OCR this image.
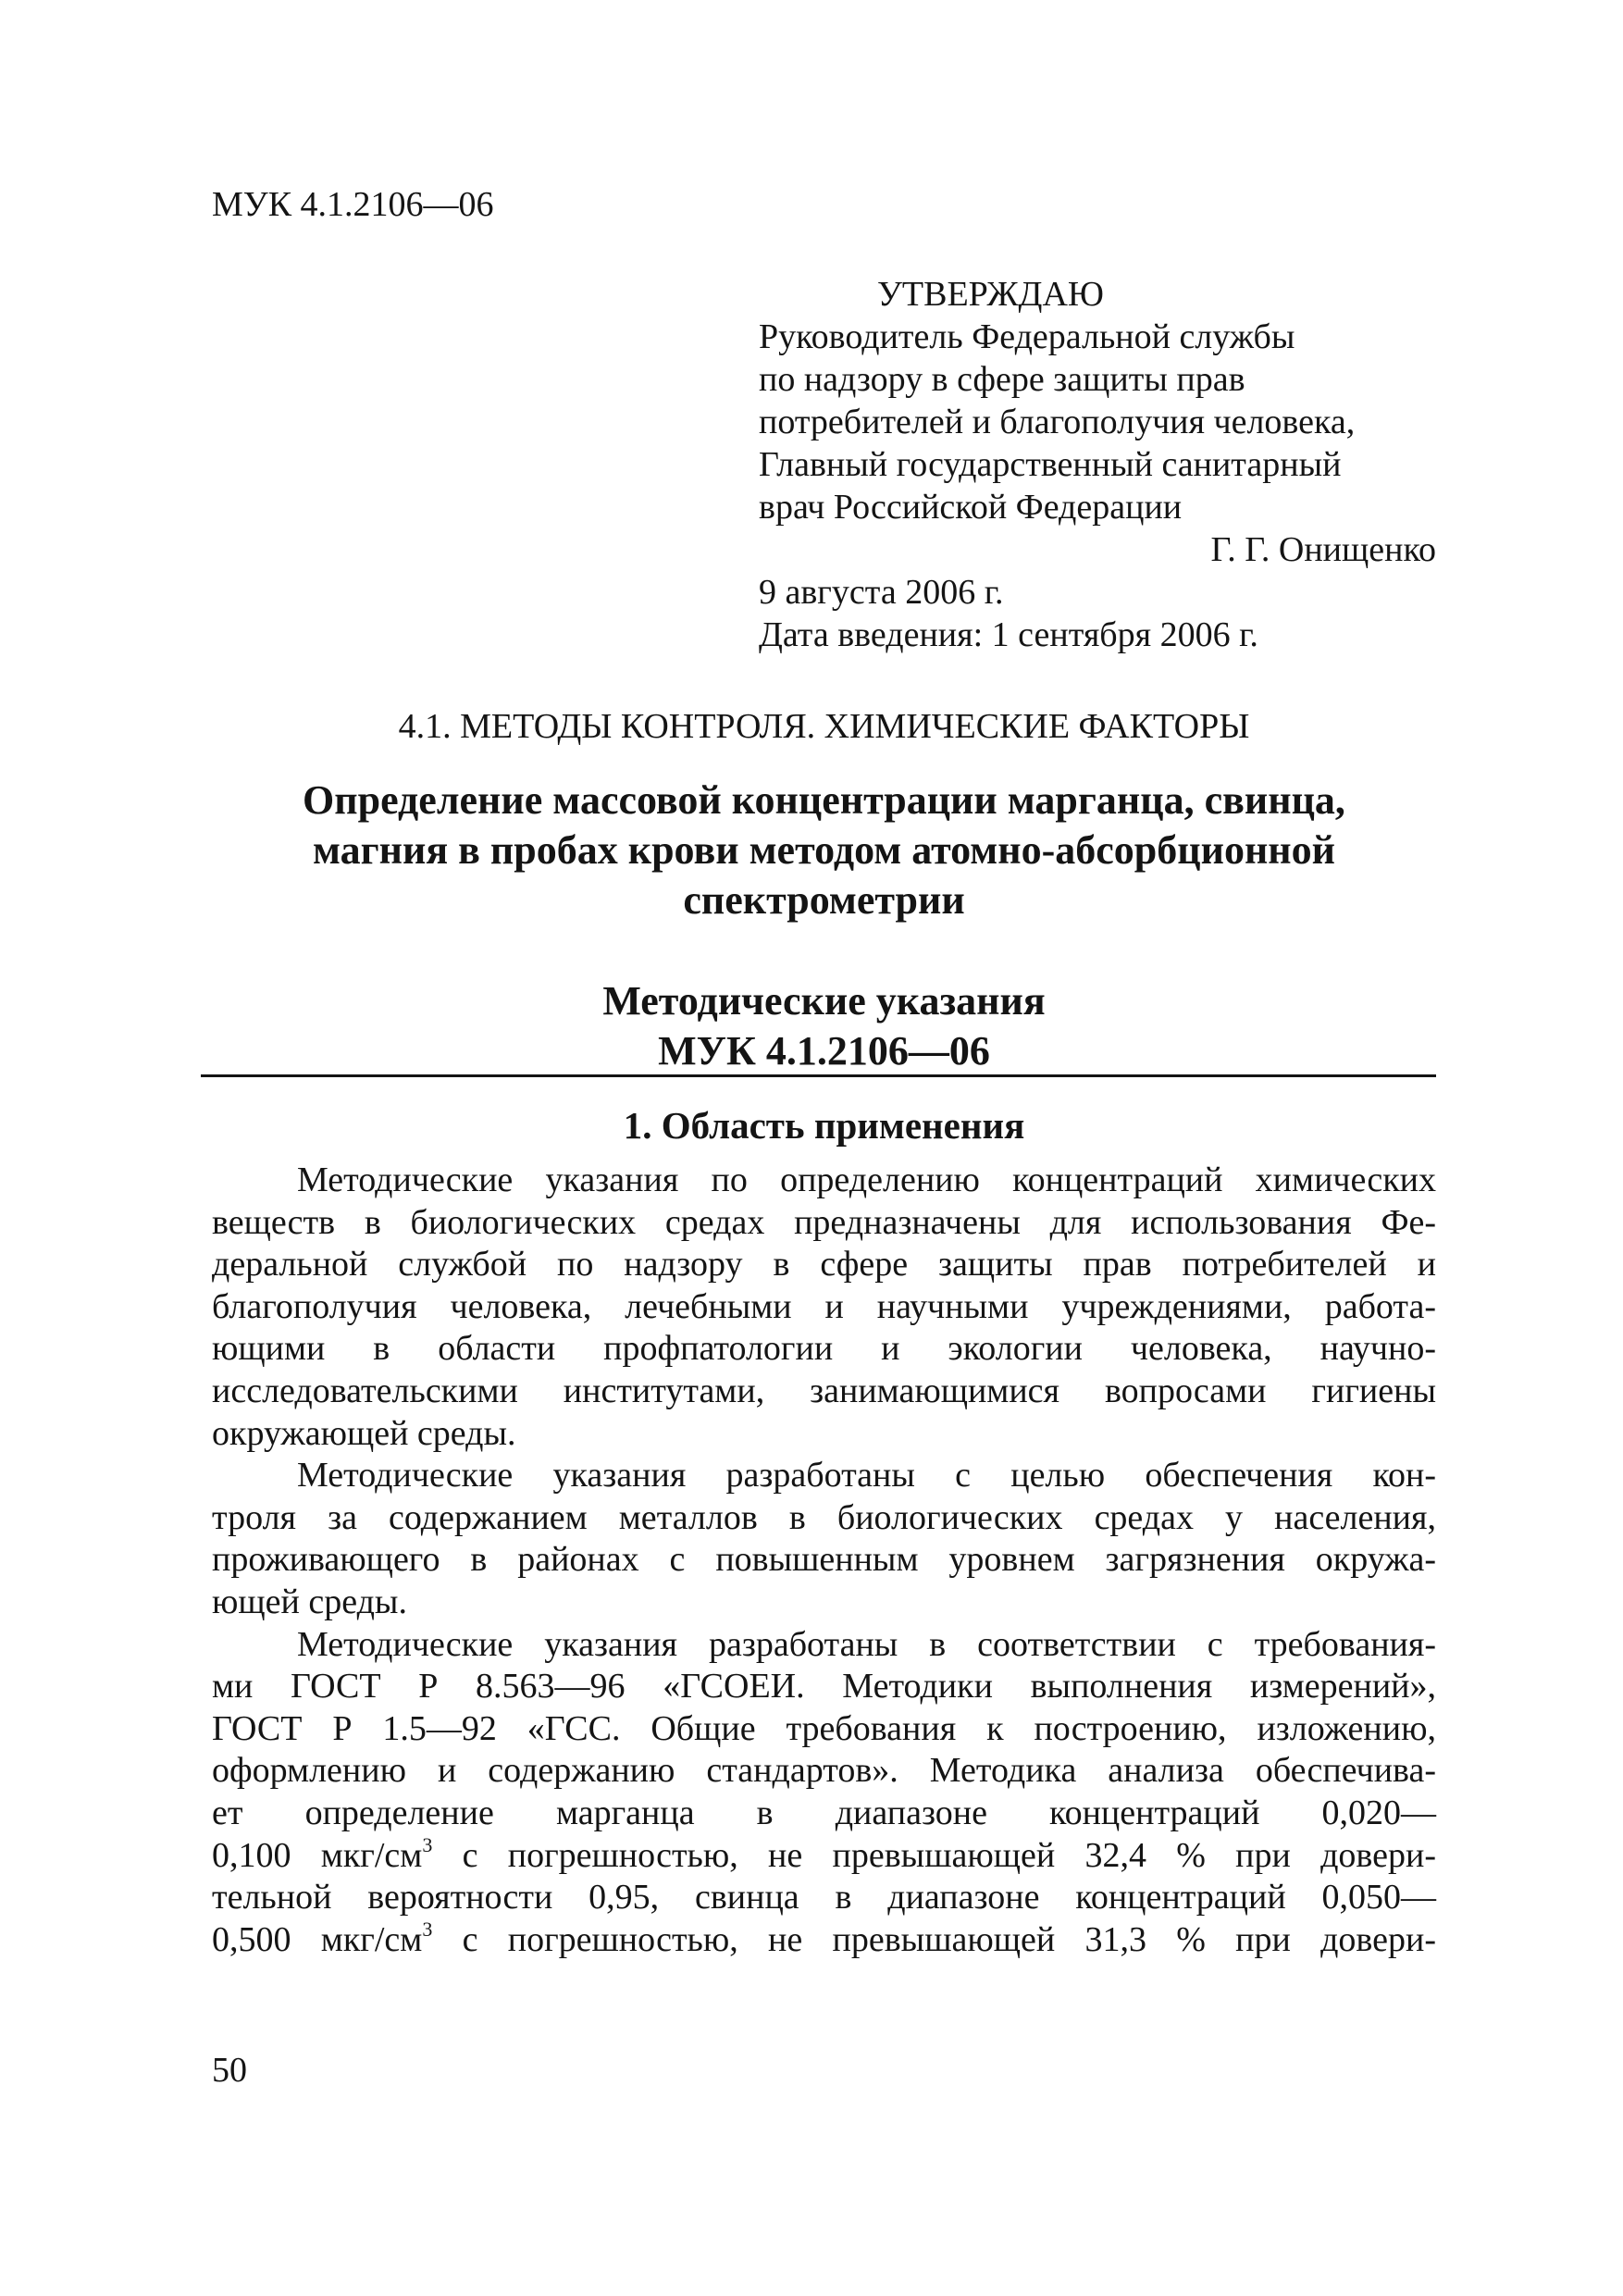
МУК 4.1.2106—06
УТВЕРЖДАЮ
Руководитель Федеральной службы
по надзору в сфере защиты прав
потребителей и благополучия человека,
Главный государственный санитарный
врач Российской Федерации
Г. Г. Онищенко
9 августа 2006 г.
Дата введения: 1 сентября 2006 г.
4.1. МЕТОДЫ КОНТРОЛЯ. ХИМИЧЕСКИЕ ФАКТОРЫ
Определение массовой концентрации марганца, свинца,
магния в пробах крови методом атомно-абсорбционной
спектрометрии
Методические указания
МУК 4.1.2106—06
1. Область применения
Методические указания по определению концентраций химических
веществ в биологических средах предназначены для использования Фе-
деральной службой по надзору в сфере защиты прав потребителей и
благополучия человека, лечебными и научными учреждениями, работа-
ющими в области профпатологии и экологии человека, научно-
исследовательскими институтами, занимающимися вопросами гигиены
окружающей среды.
Методические указания разработаны с целью обеспечения кон-
троля за содержанием металлов в биологических средах у населения,
проживающего в районах с повышенным уровнем загрязнения окружа-
ющей среды.
Методические указания разработаны в соответствии с требования-
ми ГОСТ Р 8.563—96 «ГСОЕИ. Методики выполнения измерений»,
ГОСТ Р 1.5—92 «ГСС. Общие требования к построению, изложению,
оформлению и содержанию стандартов». Методика анализа обеспечива-
ет определение марганца в диапазоне концентраций 0,020—
0,100 мкг/$см^3$ с погрешностью, не превышающей 32,4 % при довери-
тельной вероятности 0,95, свинца в диапазоне концентраций 0,050—
0,500 мкг/$см^3$ с погрешностью, не превышающей 31,3 % при довери-
50
